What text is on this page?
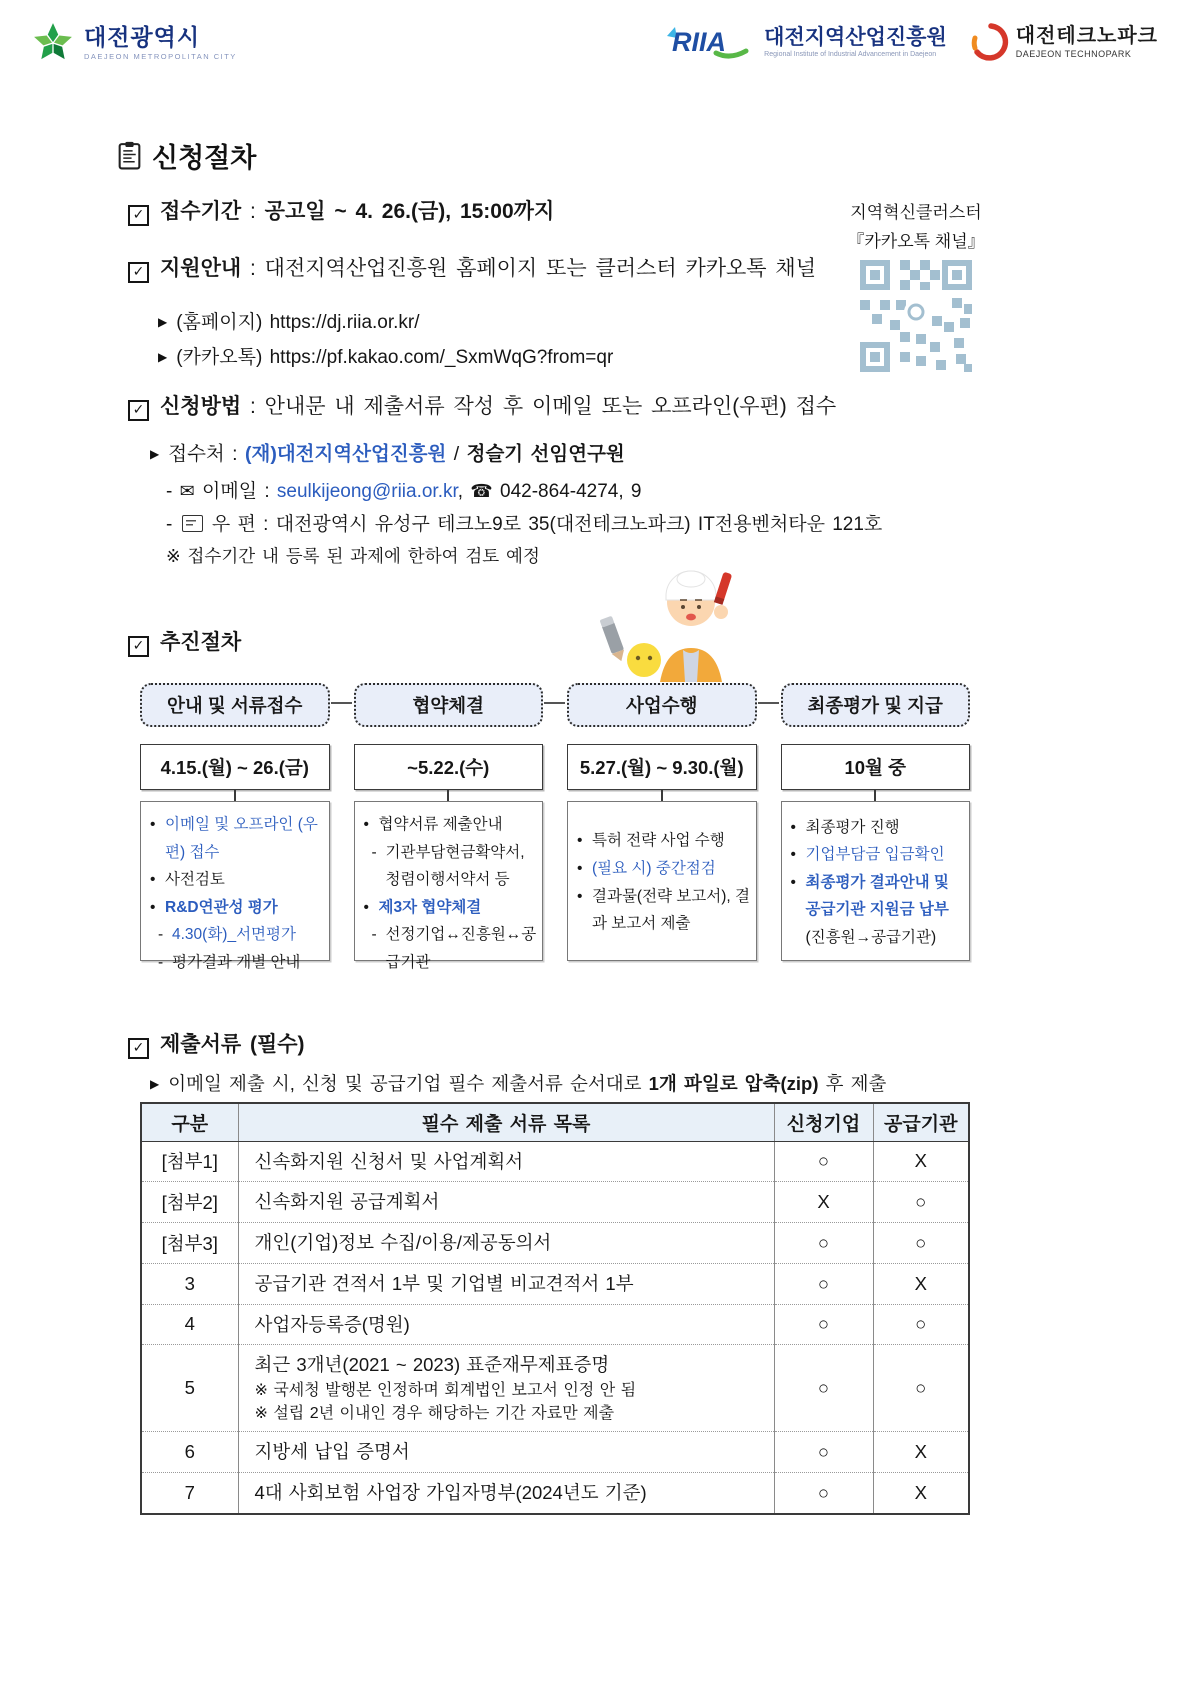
대전광역시
DAEJEON METROPOLITAN CITY	RIIA 대전지역산업진흥원
Regional Institute of Industrial Advancement in Daejeon
대전테크노파크
DAEJEON TECHNOPARK
신청절차
✓ 접수기간 : 공고일 ~ 4. 26.(금), 15:00까지
✓ 지원안내 : 대전지역산업진흥원 홈페이지 또는 클러스터 카카오톡 채널
▶ (홈페이지) https://dj.riia.or.kr/
▶ (카카오톡) https://pf.kakao.com/_SxmWqG?from=qr
지역혁신클러스터
『카카오톡 채널』
✓ 신청방법 : 안내문 내 제출서류 작성 후 이메일 또는 오프라인(우편) 접수
▶ 접수처 : (재)대전지역산업진흥원 / 정슬기 선임연구원
- ✉ 이메일 : seulkijeong@riia.or.kr, ☎ 042-864-4274, 9
-  우 편 : 대전광역시 유성구 테크노9로 35(대전테크노파크) IT전용벤처타운 121호
※ 접수기간 내 등록 된 과제에 한하여 검토 예정
✓ 추진절차
안내 및 서류접수
4.15.(월) ~ 26.(금)
• 이메일 및 오프라인 (우편) 접수
• 사전검토
• R&D연관성 평가
- 4.30(화)_서면평가
- 평가결과 개별 안내
협약체결
~5.22.(수)
• 협약서류 제출안내
- 기관부담현금확약서, 청렴이행서약서 등
• 제3자 협약체결
- 선정기업↔진흥원↔공급기관
사업수행
5.27.(월) ~ 9.30.(월)
• 특허 전략 사업 수행
• (필요 시) 중간점검
• 결과물(전략 보고서), 결과 보고서 제출
최종평가 및 지급
10월 중
• 최종평가 진행
• 기업부담금 입금확인
• 최종평가 결과안내 및 공급기관 지원금 납부
(진흥원→공급기관)
✓ 제출서류 (필수)
▶ 이메일 제출 시, 신청 및 공급기업 필수 제출서류 순서대로 1개 파일로 압축(zip) 후 제출
구분	필수 제출 서류 목록	신청기업	공급기관
[첨부1]	신속화지원 신청서 및 사업계획서	○	X
[첨부2]	신속화지원 공급계획서	X	○
[첨부3]	개인(기업)정보 수집/이용/제공동의서	○	○
3	공급기관 견적서 1부 및 기업별 비교견적서 1부	○	X
4	사업자등록증(명원)	○	○
5	최근 3개년(2021 ~ 2023) 표준재무제표증명
※ 국세청 발행본 인정하며 회계법인 보고서 인정 안 됨
※ 설립 2년 이내인 경우 해당하는 기간 자료만 제출	○	○
6	지방세 납입 증명서	○	X
7	4대 사회보험 사업장 가입자명부(2024년도 기준)	○	X
